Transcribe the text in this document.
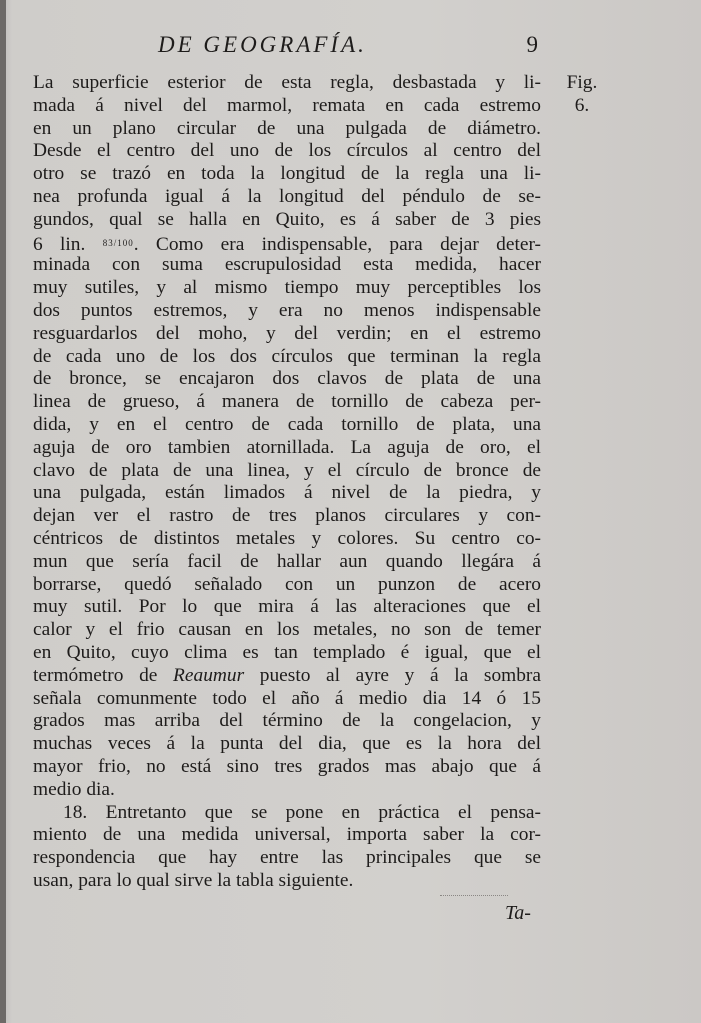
DE GEOGRAFÍA.	9
Fig.
6.
La superficie esterior de esta regla, desbastada y li-
mada á nivel del marmol, remata en cada estremo
en un plano circular de una pulgada de diámetro.
Desde el centro del uno de los círculos al centro del
otro se trazó en toda la longitud de la regla una li-
nea profunda igual á la longitud del péndulo de se-
gundos, qual se halla en Quito, es á saber de 3 pies
6 lin. $^{83/100}$. Como era indispensable, para dejar deter-
minada con suma escrupulosidad esta medida, hacer
muy sutiles, y al mismo tiempo muy perceptibles los
dos puntos estremos, y era no menos indispensable
resguardarlos del moho, y del verdin; en el estremo
de cada uno de los dos círculos que terminan la regla
de bronce, se encajaron dos clavos de plata de una
linea de grueso, á manera de tornillo de cabeza per-
dida, y en el centro de cada tornillo de plata, una
aguja de oro tambien atornillada. La aguja de oro, el
clavo de plata de una linea, y el círculo de bronce de
una pulgada, están limados á nivel de la piedra, y
dejan ver el rastro de tres planos circulares y con-
céntricos de distintos metales y colores. Su centro co-
mun que sería facil de hallar aun quando llegára á
borrarse, quedó señalado con un punzon de acero
muy sutil. Por lo que mira á las alteraciones que el
calor y el frio causan en los metales, no son de temer
en Quito, cuyo clima es tan templado é igual, que el
termómetro de Reaumur puesto al ayre y á la sombra
señala comunmente todo el año á medio dia 14 ó 15
grados mas arriba del término de la congelacion, y
muchas veces á la punta del dia, que es la hora del
mayor frio, no está sino tres grados mas abajo que á
medio dia.
18. Entretanto que se pone en práctica el pensa-
miento de una medida universal, importa saber la cor-
respondencia que hay entre las principales que se
usan, para lo qual sirve la tabla siguiente.
Ta-
